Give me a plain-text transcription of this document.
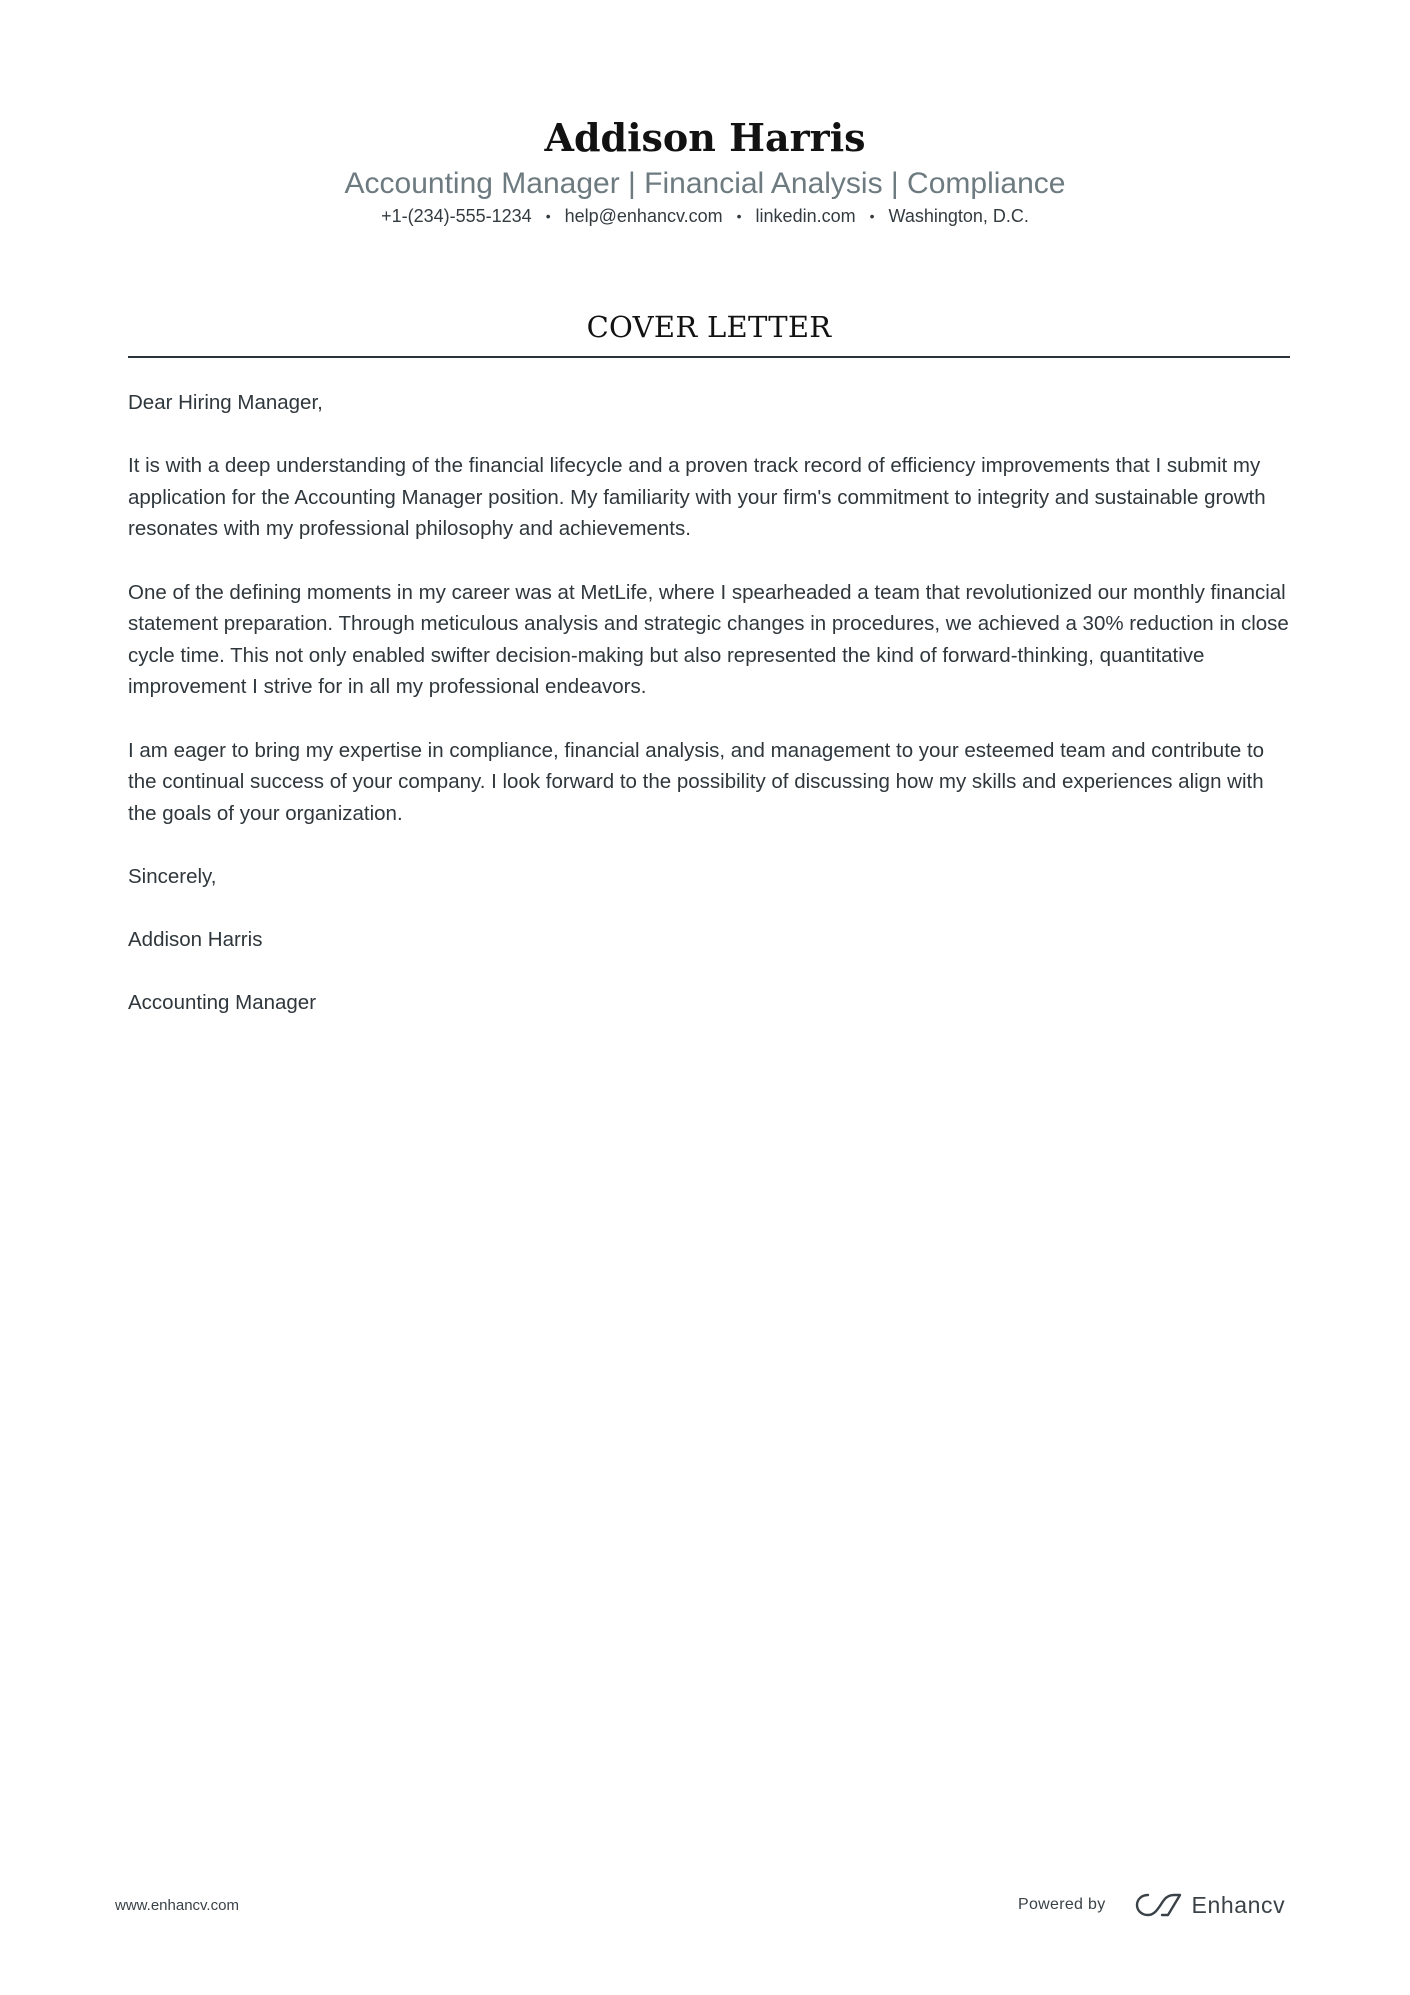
Addison Harris
Accounting Manager | Financial Analysis | Compliance
+1-(234)-555-1234 • help@enhancv.com • linkedin.com • Washington, D.C.
COVER LETTER

Dear Hiring Manager,

It is with a deep understanding of the financial lifecycle and a proven track record of efficiency improvements that I submit my application for the Accounting Manager position. My familiarity with your firm's commitment to integrity and sustainable growth resonates with my professional philosophy and achievements.

One of the defining moments in my career was at MetLife, where I spearheaded a team that revolutionized our monthly financial statement preparation. Through meticulous analysis and strategic changes in procedures, we achieved a 30% reduction in close cycle time. This not only enabled swifter decision-making but also represented the kind of forward-thinking, quantitative improvement I strive for in all my professional endeavors.

I am eager to bring my expertise in compliance, financial analysis, and management to your esteemed team and contribute to the continual success of your company. I look forward to the possibility of discussing how my skills and experiences align with the goals of your organization.

Sincerely,

Addison Harris

Accounting Manager

www.enhancv.com	Powered by	Enhancv
